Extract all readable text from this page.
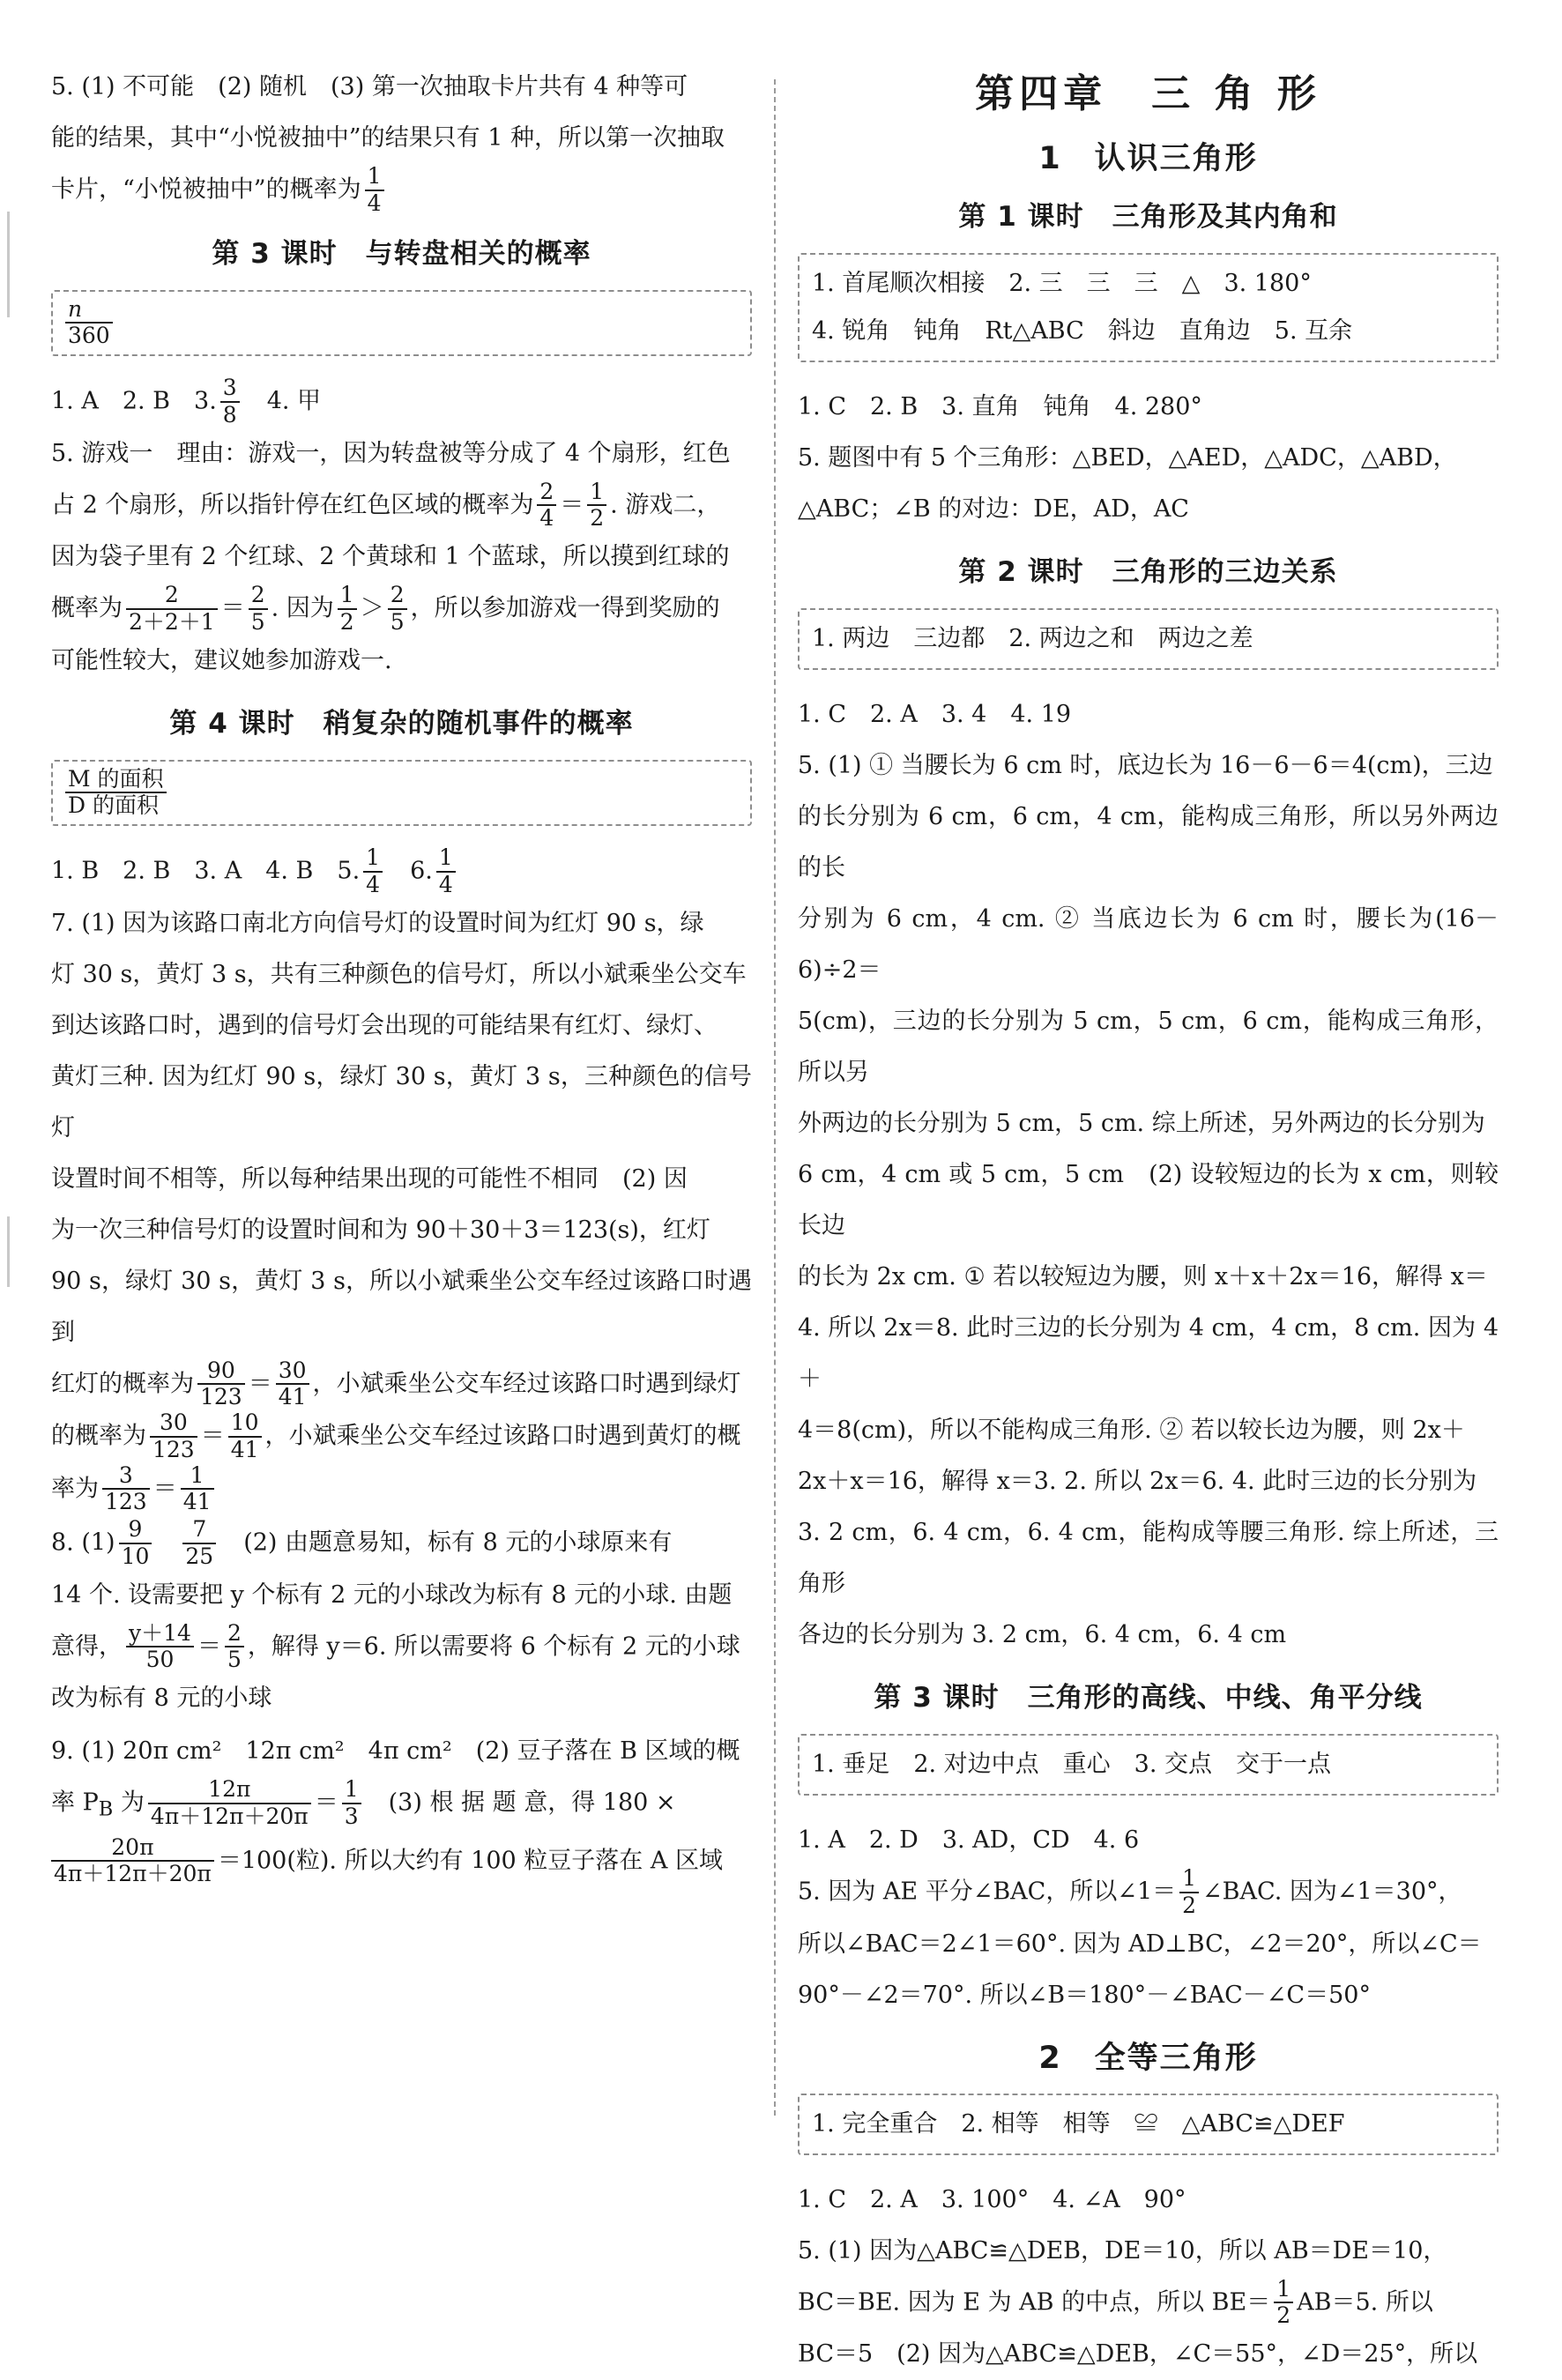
5. (1) 不可能　(2) 随机　(3) 第一次抽取卡片共有 4 种等可

能的结果，其中“小悦被抽中”的结果只有 1 种，所以第一次抽取

卡片，“小悦被抽中”的概率为 $\frac{1}{4}$

第 3 课时　与转盘相关的概率
$\frac{n}{360}$

1. A　2. B　3. $\frac{3}{8}$
　 4. 甲

5. 游戏一　理由：游戏一，因为转盘被等分成了 4 个扇形，红色

占 2 个扇形，所以指针停在红色区域的概率为 $\frac{2}{4} = \frac{1}{2}$ . 游戏二，

因为袋子里有 2 个红球、2 个黄球和 1 个蓝球，所以摸到红球的

概率为 $\frac{2}{2+2+1} = \frac{2}{5}$ . 因为 $\frac{1}{2} > \frac{2}{5}$ ，所以参加游戏一得到奖励的

可能性较大，建议她参加游戏一.

第 4 课时　稍复杂的随机事件的概率
$\frac{\text{M 的面积}}{\text{D 的面积}}$

1. B　2. B　3. A　4. B　5. $\frac{1}{4}$
　 6. $\frac{1}{4}$

7. (1) 因为该路口南北方向信号灯的设置时间为红灯 90 s，绿

灯 30 s，黄灯 3 s，共有三种颜色的信号灯，所以小斌乘坐公交车

到达该路口时，遇到的信号灯会出现的可能结果有红灯、绿灯、

黄灯三种. 因为红灯 90 s，绿灯 30 s，黄灯 3 s，三种颜色的信号灯

设置时间不相等，所以每种结果出现的可能性不相同　(2) 因

为一次三种信号灯的设置时间和为 90＋30＋3＝123(s)，红灯

90 s，绿灯 30 s，黄灯 3 s，所以小斌乘坐公交车经过该路口时遇到

红灯的概率为 $\frac{90}{123} = \frac{30}{41}$ ，小斌乘坐公交车经过该路口时遇到绿灯

的概率为 $\frac{30}{123} = \frac{10}{41}$ ，小斌乘坐公交车经过该路口时遇到黄灯的概

率为 $\frac{3}{123} = \frac{1}{41}$

8. $(1) \frac{9}{10}$
　 $\frac{7}{25}$ 　(2) 由题意易知，标有 8 元的小球原来有

14 个. 设需要把 y 个标有 2 元的小球改为标有 8 元的小球. 由题

意得， $\frac{y+14}{50} = \frac{2}{5}$ ，解得 y＝6. 所以需要将 6 个标有 2 元的小球

改为标有 8 元的小球

9. (1) 20π cm²　12π cm²　4π cm²　(2) 豆子落在 B 区域的概

率 $P_B$ 为 $\frac{12\pi}{4\pi+12\pi+20\pi} = \frac{1}{3}$ 　(3) 根 据 题 意，得 180 ×

$\frac{20\pi}{4\pi+12\pi+20\pi} =100$(粒). 所以大约有 100 粒豆子落在 A 区域

第四章　三 角 形
1　认识三角形
第 1 课时　三角形及其内角和

1. 首尾顺次相接　2. 三　三　三　△　3. 180°

4. 锐角　钝角　Rt△ABC　斜边　直角边　5. 互余

1. C　2. B　3. 直角　钝角　4. 280°

5. 题图中有 5 个三角形：△BED，△AED，△ADC，△ABD，

△ABC；∠B 的对边：DE，AD，AC

第 2 课时　三角形的三边关系

1. 两边　三边都　2. 两边之和　两边之差

1. C　2. A　3. 4　4. 19

5. (1) ① 当腰长为 6 cm 时，底边长为 16－6－6＝4(cm)，三边

的长分别为 6 cm，6 cm，4 cm，能构成三角形，所以另外两边的长

分别为 6 cm，4 cm. ② 当底边长为 6 cm 时，腰长为(16－6)÷2＝

5(cm)，三边的长分别为 5 cm，5 cm，6 cm，能构成三角形，所以另

外两边的长分别为 5 cm，5 cm. 综上所述，另外两边的长分别为

6 cm，4 cm 或 5 cm，5 cm　(2) 设较短边的长为 x cm，则较长边

的长为 2x cm. ① 若以较短边为腰，则 x＋x＋2x＝16，解得 x＝

4. 所以 2x＝8. 此时三边的长分别为 4 cm，4 cm，8 cm. 因为 4＋

4＝8(cm)，所以不能构成三角形. ② 若以较长边为腰，则 2x＋

2x＋x＝16，解得 x＝3. 2. 所以 2x＝6. 4. 此时三边的长分别为

3. 2 cm，6. 4 cm，6. 4 cm，能构成等腰三角形. 综上所述，三角形

各边的长分别为 3. 2 cm，6. 4 cm，6. 4 cm

第 3 课时　三角形的高线、中线、角平分线

1. 垂足　2. 对边中点　重心　3. 交点　交于一点

1. A　2. D　3. AD，CD　4. 6

5. 因为 AE 平分∠BAC，所以∠1＝ $\frac{1}{2}$ ∠BAC. 因为∠1＝30°，

所以∠BAC＝2∠1＝60°. 因为 AD⊥BC，∠2＝20°，所以∠C＝

90°－∠2＝70°. 所以∠B＝180°－∠BAC－∠C＝50°

2　全等三角形

1. 完全重合　2. 相等　相等　≌　△ABC≌△DEF

1. C　2. A　3. 100°　4. ∠A　90°

5. (1) 因为△ABC≌△DEB，DE＝10，所以 AB＝DE＝10，

BC＝BE. 因为 E 为 AB 的中点，所以 $BE= \frac{1}{2} AB=5$. 所以

BC＝5　(2) 因为△ABC≌△DEB，∠C＝55°，∠D＝25°，所以
